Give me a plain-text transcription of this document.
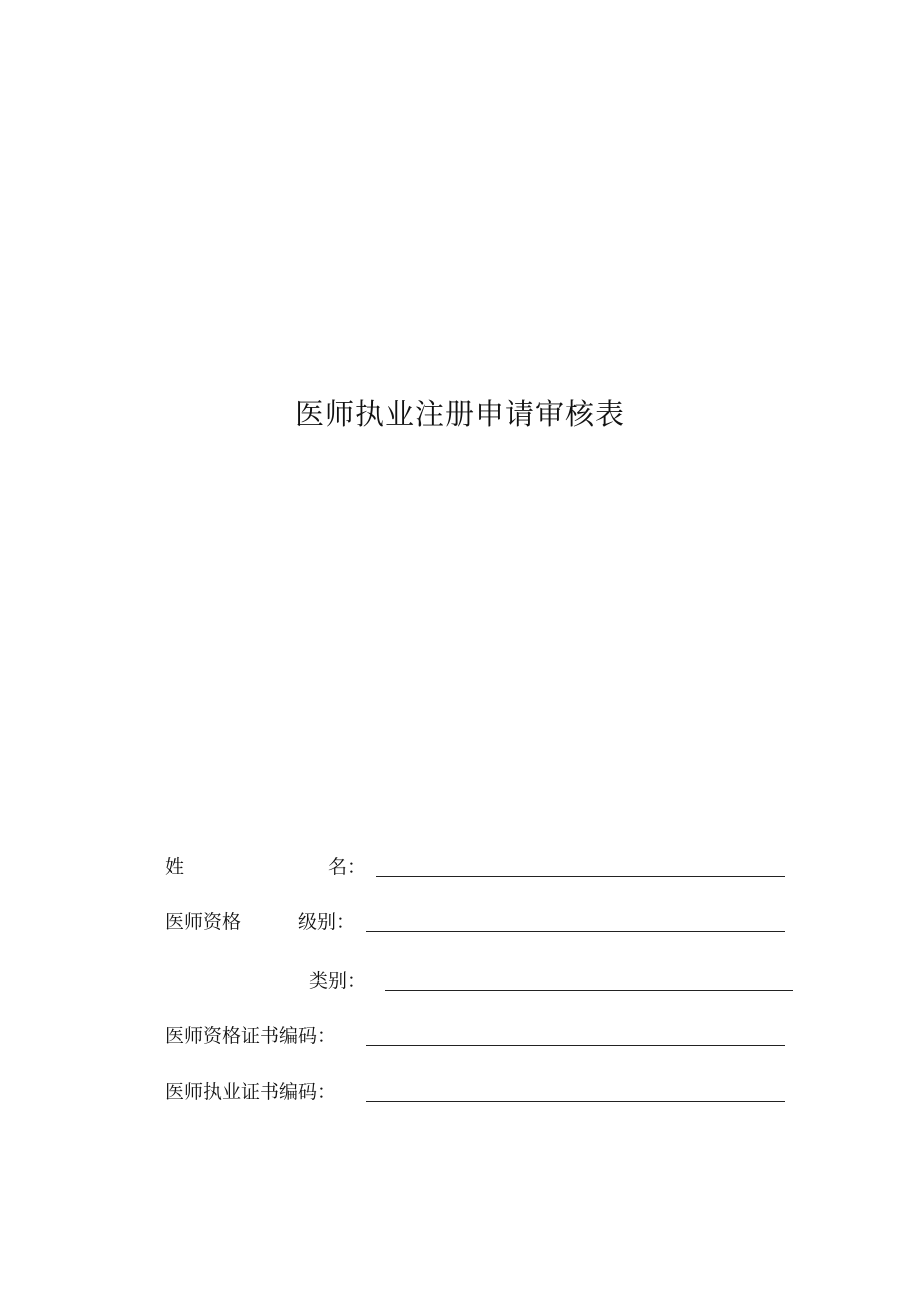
医师执业注册申请审核表
姓	名：
医师资格	级别：
类别：
医师资格证书编码：
医师执业证书编码：
